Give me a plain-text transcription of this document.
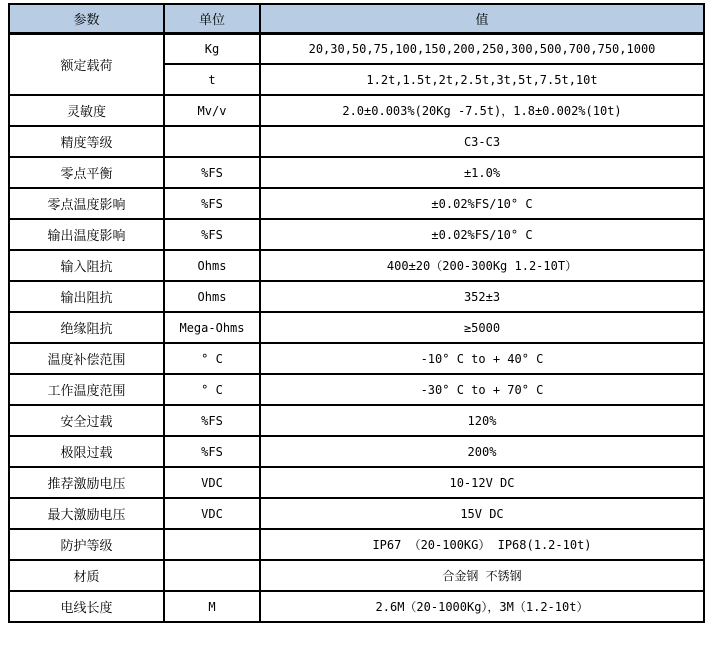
参数	单位	值
额定载荷	Kg	20,30,50,75,100,150,200,250,300,500,700,750,1000
	t	1.2t,1.5t,2t,2.5t,3t,5t,7.5t,10t
灵敏度	Mv/v	2.0±0.003%(20Kg -7.5t)，1.8±0.002%(10t)
精度等级		C3-C3
零点平衡	%FS	±1.0%
零点温度影响	%FS	±0.02%FS/10° C
输出温度影响	%FS	±0.02%FS/10° C
输入阻抗	Ohms	400±20（200-300Kg 1.2-10T）
输出阻抗	Ohms	352±3
绝缘阻抗	Mega-Ohms	≥5000
温度补偿范围	° C	-10° C to + 40° C
工作温度范围	° C	-30° C to + 70° C
安全过载	%FS	120%
极限过载	%FS	200%
推荐激励电压	VDC	10-12V DC
最大激励电压	VDC	15V DC
防护等级		IP67 （20-100KG） IP68(1.2-10t)
材质		合金钢 不锈钢
电线长度	M	2.6M（20-1000Kg），3M（1.2-10t）
